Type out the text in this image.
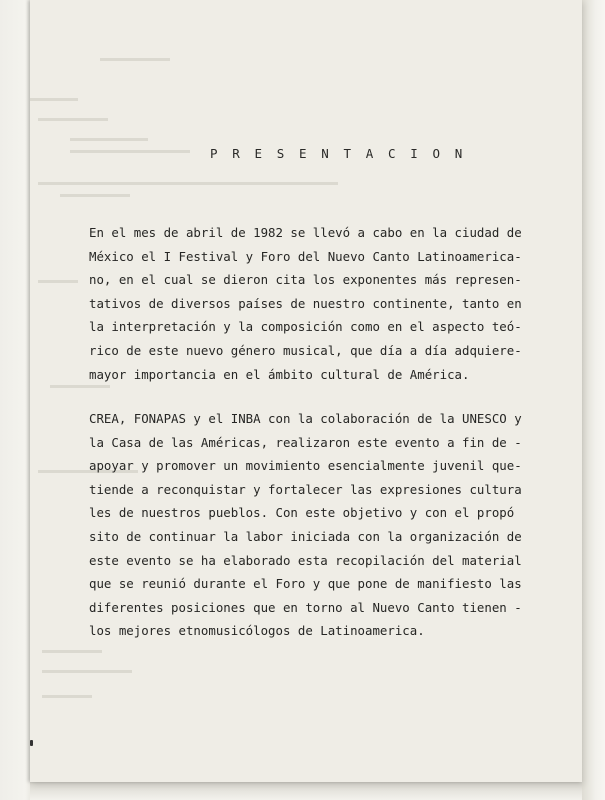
P R E S E N T A C I O N
En el mes de abril de 1982 se llevó a cabo en la ciudad de
México el I Festival y Foro del Nuevo Canto Latinoamerica-
no, en el cual se dieron cita los exponentes más represen-
tativos de diversos países de nuestro continente, tanto en
la interpretación y la composición como en el aspecto teó-
rico de este nuevo género musical, que día a día adquiere-
mayor importancia en el ámbito cultural de América.
CREA, FONAPAS y el INBA con la colaboración de la UNESCO y
la Casa de las Américas, realizaron este evento a fin de -
apoyar y promover un movimiento esencialmente juvenil que-
tiende a reconquistar y fortalecer las expresiones cultura
les de nuestros pueblos. Con este objetivo y con el propó
sito de continuar la labor iniciada con la organización de
este evento se ha elaborado esta recopilación del material
que se reunió durante el Foro y que pone de manifiesto las
diferentes posiciones que en torno al Nuevo Canto tienen -
los mejores etnomusicólogos de Latinoamerica.
